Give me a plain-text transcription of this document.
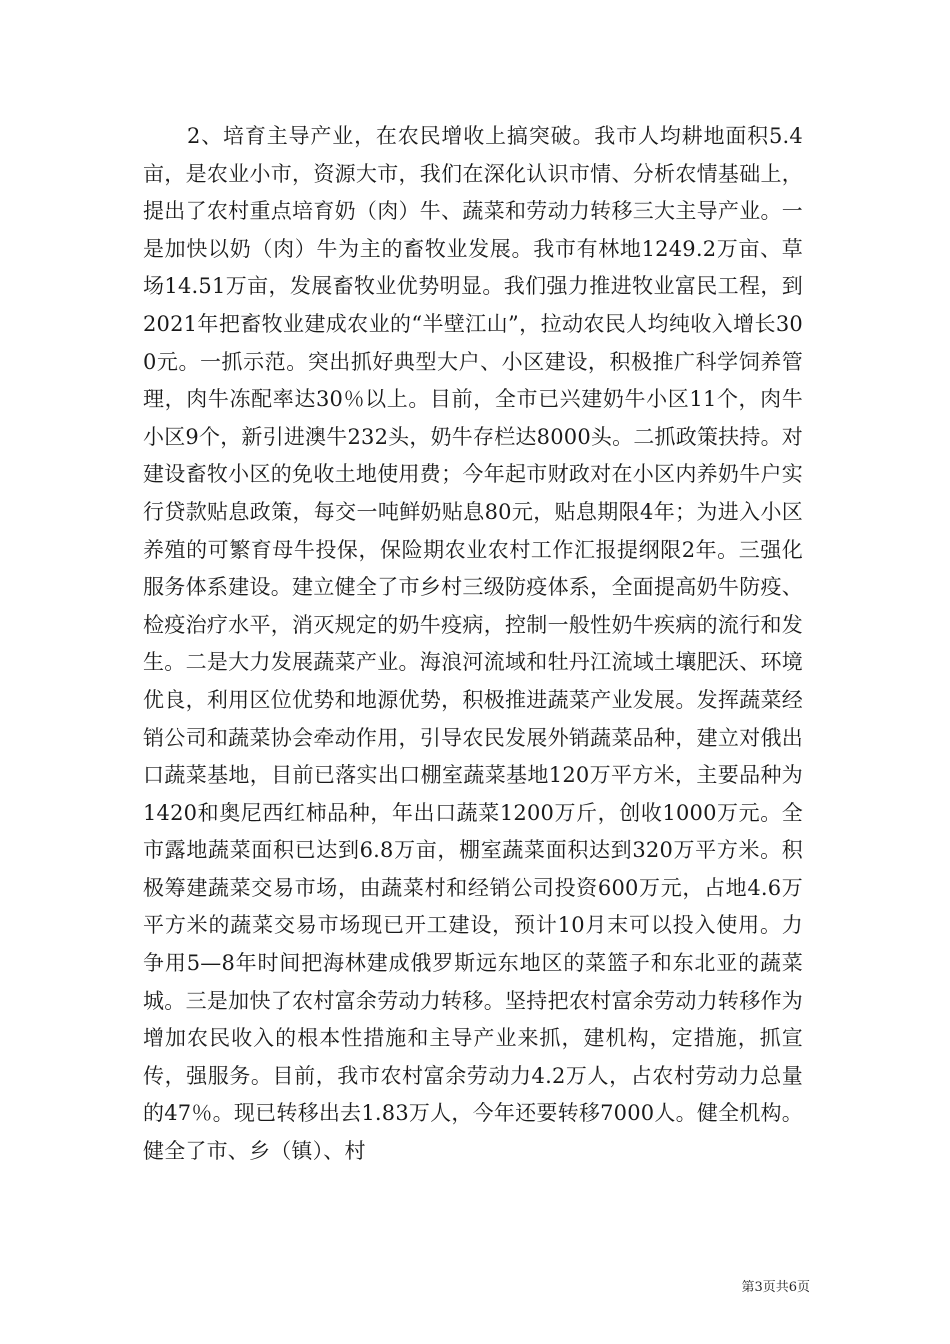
2、培育主导产业，在农民增收上搞突破。我市人均耕地面积5.4亩，是农业小市，资源大市，我们在深化认识市情、分析农情基础上，提出了农村重点培育奶（肉）牛、蔬菜和劳动力转移三大主导产业。一是加快以奶（肉）牛为主的畜牧业发展。我市有林地1249.2万亩、草场14.51万亩，发展畜牧业优势明显。我们强力推进牧业富民工程，到2021年把畜牧业建成农业的“半壁江山”，拉动农民人均纯收入增长300元。一抓示范。突出抓好典型大户、小区建设，积极推广科学饲养管理，肉牛冻配率达30％以上。目前，全市已兴建奶牛小区11个，肉牛小区9个，新引进澳牛232头，奶牛存栏达8000头。二抓政策扶持。对建设畜牧小区的免收土地使用费；今年起市财政对在小区内养奶牛户实行贷款贴息政策，每交一吨鲜奶贴息80元，贴息期限4年；为进入小区养殖的可繁育母牛投保，保险期农业农村工作汇报提纲限2年。三强化服务体系建设。建立健全了市乡村三级防疫体系，全面提高奶牛防疫、检疫治疗水平，消灭规定的奶牛疫病，控制一般性奶牛疾病的流行和发生。二是大力发展蔬菜产业。海浪河流域和牡丹江流域土壤肥沃、环境优良，利用区位优势和地源优势，积极推进蔬菜产业发展。发挥蔬菜经销公司和蔬菜协会牵动作用，引导农民发展外销蔬菜品种，建立对俄出口蔬菜基地，目前已落实出口棚室蔬菜基地120万平方米，主要品种为1420和奥尼西红柿品种，年出口蔬菜1200万斤，创收1000万元。全市露地蔬菜面积已达到6.8万亩，棚室蔬菜面积达到320万平方米。积极筹建蔬菜交易市场，由蔬菜村和经销公司投资600万元，占地4.6万平方米的蔬菜交易市场现已开工建设，预计10月末可以投入使用。力争用5—8年时间把海林建成俄罗斯远东地区的菜篮子和东北亚的蔬菜城。三是加快了农村富余劳动力转移。坚持把农村富余劳动力转移作为增加农民收入的根本性措施和主导产业来抓，建机构，定措施，抓宣传，强服务。目前，我市农村富余劳动力4.2万人，占农村劳动力总量的47％。现已转移出去1.83万人，今年还要转移7000人。健全机构。健全了市、乡（镇）、村

第3页共6页
